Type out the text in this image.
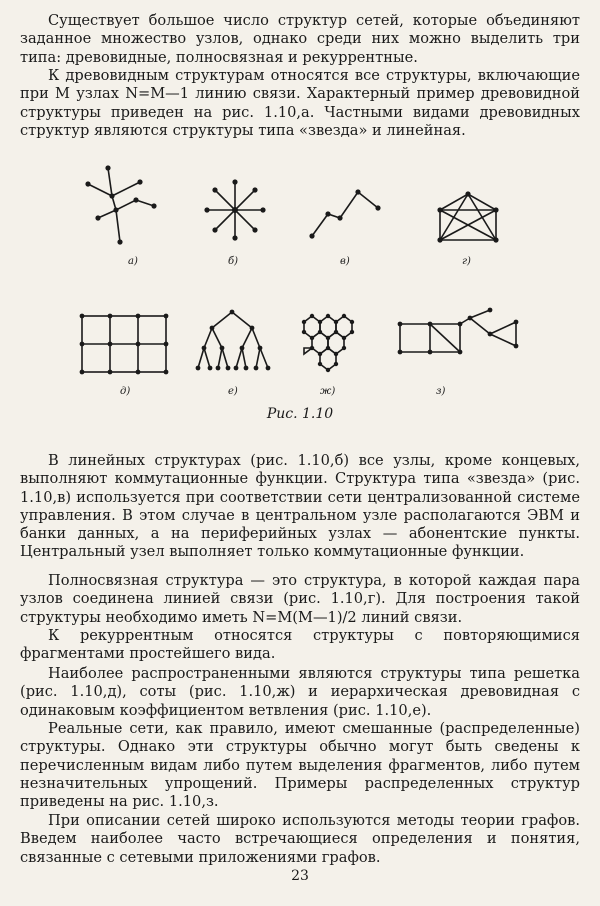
Существует большое число структур сетей, которые объединяют заданное множество узлов, однако среди них можно выделить три типа: древовидные, полносвязная и рекуррентные.

К древовидным структурам относятся все структуры, включающие при M узлах N=M—1 линию связи. Характерный пример древовидной структуры приведен на рис. 1.10,а. Частными видами древовидных структур являются структуры типа «звезда» и линейная.

а)	б)	в)	г)
д)	е)	ж)	з)
Рис. 1.10

В линейных структурах (рис. 1.10,б) все узлы, кроме концевых, выполняют коммутационные функции. Структура типа «звезда» (рис. 1.10,в) используется при соответствии сети централизованной системе управления. В этом случае в центральном узле располагаются ЭВМ и банки данных, а на периферийных узлах — абонентские пункты. Центральный узел выполняет только коммутационные функции.

Полносвязная структура — это структура, в которой каждая пара узлов соединена линией связи (рис. 1.10,г). Для построения такой структуры необходимо иметь N=M(M—1)/2 линий связи.

К рекуррентным относятся структуры с повторяющимися фрагментами простейшего вида.

Наиболее распространенными являются структуры типа решетка (рис. 1.10,д), соты (рис. 1.10,ж) и иерархическая древовидная с одинаковым коэффициентом ветвления (рис. 1.10,е).

Реальные сети, как правило, имеют смешанные (распределенные) структуры. Однако эти структуры обычно могут быть сведены к перечисленным видам либо путем выделения фрагментов, либо путем незначительных упрощений. Примеры распределенных структур приведены на рис. 1.10,з.

При описании сетей широко используются методы теории графов. Введем наиболее часто встречающиеся определения и понятия, связанные с сетевыми приложениями графов.

23
